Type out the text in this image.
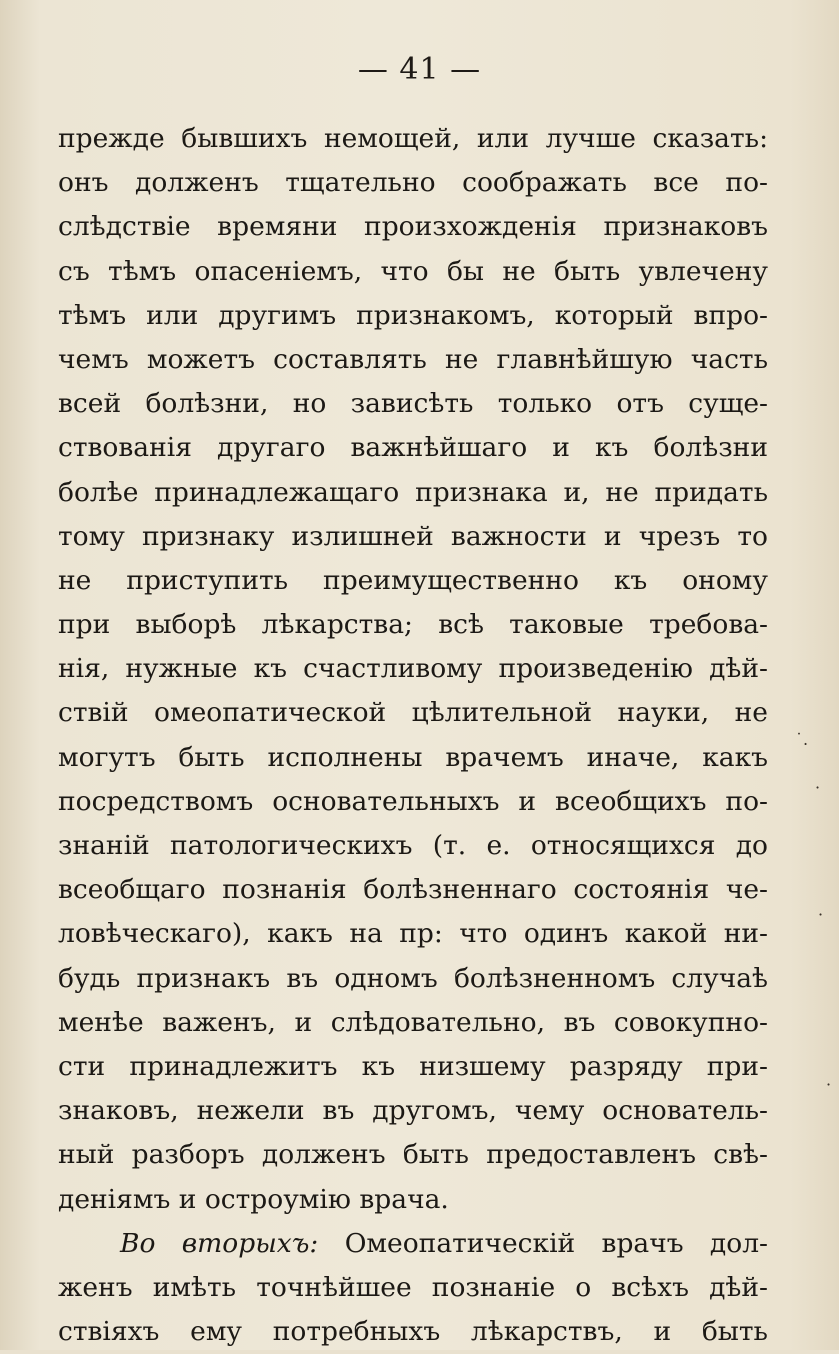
— 41 —
прежде бывшихъ немощей, или лучше сказать:
онъ долженъ тщательно соображать все по-
слѣдствіе времяни произхожденія признаковъ
съ тѣмъ опасеніемъ, что бы не быть увлечену
тѣмъ или другимъ признакомъ, который впро-
чемъ можетъ составлять не главнѣйшую часть
всей болѣзни, но зависѣть только отъ суще-
ствованія другаго важнѣйшаго и къ болѣзни
болѣе принадлежащаго признака и, не придать
тому признаку излишней важности и чрезъ то
не приступить преимущественно къ оному
при выборѣ лѣкарства; всѣ таковые требова-
нія, нужные къ счастливому произведенію дѣй-
ствій омеопатической цѣлительной науки, не
могутъ быть исполнены врачемъ иначе, какъ
посредствомъ основательныхъ и всеобщихъ по-
знаній патологическихъ (т. е. относящихся до
всеобщаго познанія болѣзненнаго состоянія че-
ловѣческаго), какъ на пр: что одинъ какой ни-
будь признакъ въ одномъ болѣзненномъ случаѣ
менѣе важенъ, и слѣдовательно, въ совокупно-
сти принадлежитъ къ низшему разряду при-
знаковъ, нежели въ другомъ, чему основатель-
ный разборъ долженъ быть предоставленъ свѣ-
деніямъ и остроумію врача.
Во вторыхъ: Омеопатическій врачъ дол-
женъ имѣть точнѣйшее познаніе о всѣхъ дѣй-
ствіяхъ ему потребныхъ лѣкарствъ, и быть
˙.
·
·
·
